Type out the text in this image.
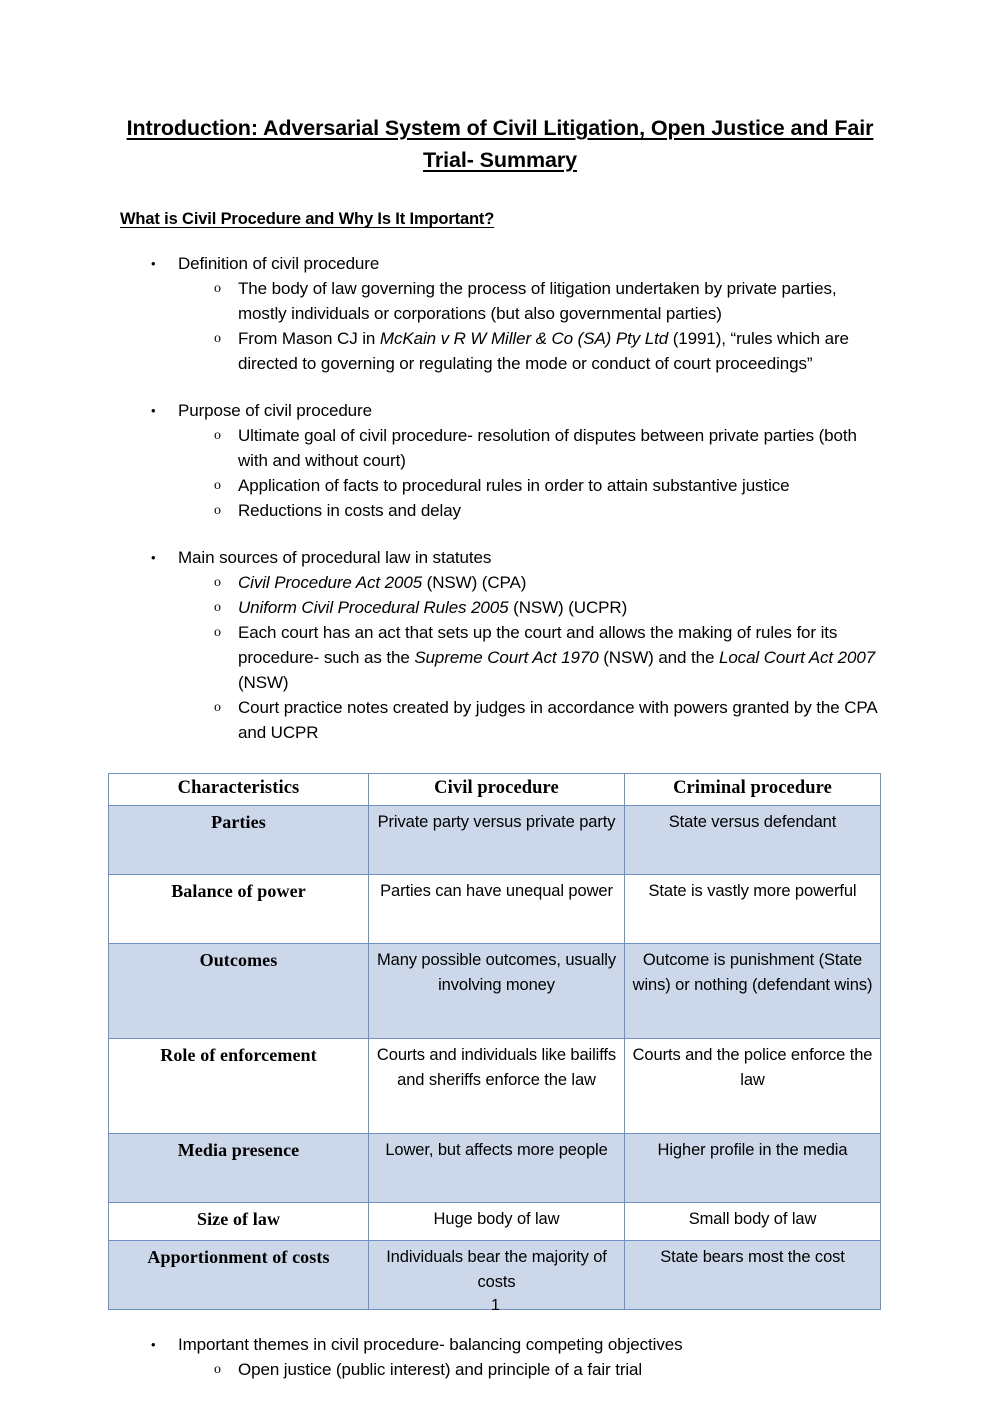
Introduction: Adversarial System of Civil Litigation, Open Justice and Fair Trial- Summary
What is Civil Procedure and Why Is It Important?
• Definition of civil procedure
o The body of law governing the process of litigation undertaken by private parties, mostly individuals or corporations (but also governmental parties)
o From Mason CJ in McKain v R W Miller & Co (SA) Pty Ltd (1991), “rules which are directed to governing or regulating the mode or conduct of court proceedings”
• Purpose of civil procedure
o Ultimate goal of civil procedure- resolution of disputes between private parties (both with and without court)
o Application of facts to procedural rules in order to attain substantive justice
o Reductions in costs and delay
• Main sources of procedural law in statutes
o Civil Procedure Act 2005 (NSW) (CPA)
o Uniform Civil Procedural Rules 2005 (NSW) (UCPR)
o Each court has an act that sets up the court and allows the making of rules for its procedure- such as the Supreme Court Act 1970 (NSW) and the Local Court Act 2007 (NSW)
o Court practice notes created by judges in accordance with powers granted by the CPA and UCPR
Characteristics	Civil procedure	Criminal procedure
Parties	Private party versus private party	State versus defendant
Balance of power	Parties can have unequal power	State is vastly more powerful
Outcomes	Many possible outcomes, usually involving money	Outcome is punishment (State wins) or nothing (defendant wins)
Role of enforcement	Courts and individuals like bailiffs and sheriffs enforce the law	Courts and the police enforce the law
Media presence	Lower, but affects more people	Higher profile in the media
Size of law	Huge body of law	Small body of law
Apportionment of costs	Individuals bear the majority of costs	State bears most the cost
• Important themes in civil procedure- balancing competing objectives
o Open justice (public interest) and principle of a fair trial
1
